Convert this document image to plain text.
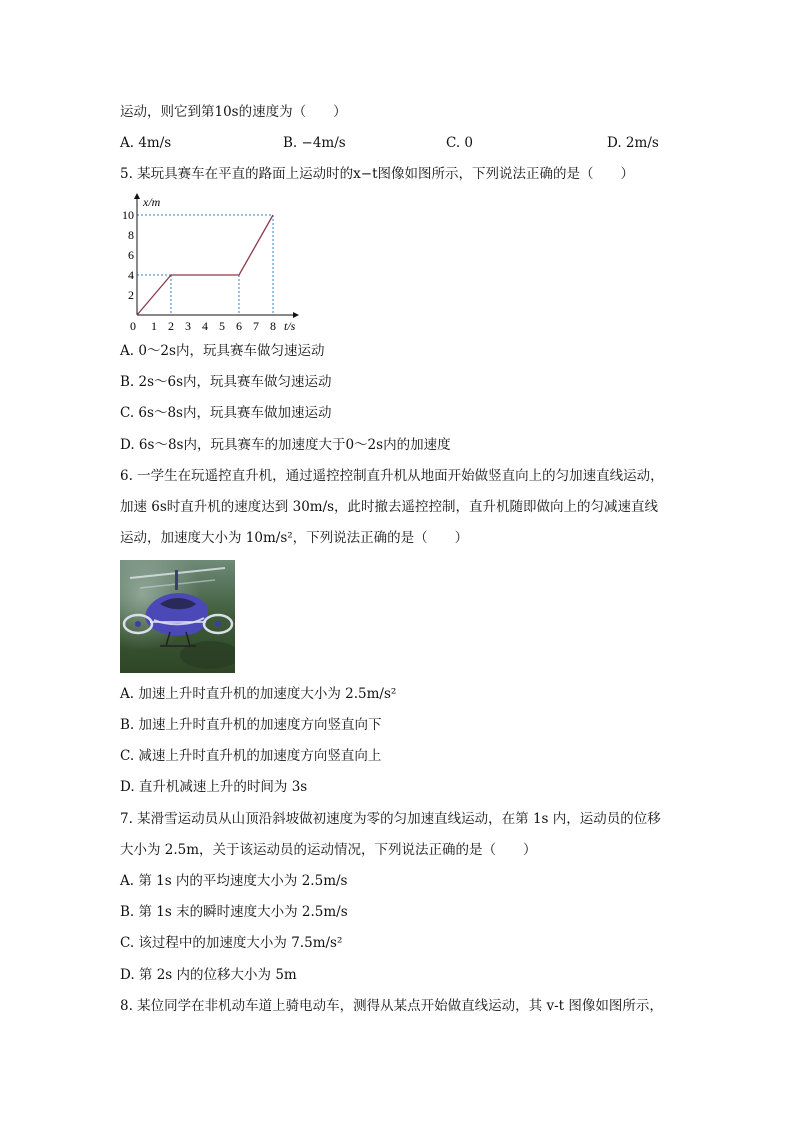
运动，则它到第10s的速度为（　　）
A. 4m/s	B. −4m/s	C. 0	D. 2m/s
5. 某玩具赛车在平直的路面上运动时的x−t图像如图所示，下列说法正确的是（　　）
0 1 2 3 4 5 6 7 8
2
4
6
8
10
x/m
t/s
A. 0～2s内，玩具赛车做匀速运动
B. 2s～6s内，玩具赛车做匀速运动
C. 6s～8s内，玩具赛车做加速运动
D. 6s～8s内，玩具赛车的加速度大于0～2s内的加速度
6. 一学生在玩遥控直升机，通过遥控控制直升机从地面开始做竖直向上的匀加速直线运动，
加速 6s时直升机的速度达到 30m/s，此时撤去遥控控制，直升机随即做向上的匀减速直线
运动，加速度大小为 10m/s²，下列说法正确的是（　　）
A. 加速上升时直升机的加速度大小为 2.5m/s²
B. 加速上升时直升机的加速度方向竖直向下
C. 减速上升时直升机的加速度方向竖直向上
D. 直升机减速上升的时间为 3s
7. 某滑雪运动员从山顶沿斜坡做初速度为零的匀加速直线运动，在第 1s 内，运动员的位移
大小为 2.5m，关于该运动员的运动情况，下列说法正确的是（　　）
A. 第 1s 内的平均速度大小为 2.5m/s
B. 第 1s 末的瞬时速度大小为 2.5m/s
C. 该过程中的加速度大小为 7.5m/s²
D. 第 2s 内的位移大小为 5m
8. 某位同学在非机动车道上骑电动车，测得从某点开始做直线运动，其 v-t 图像如图所示，
